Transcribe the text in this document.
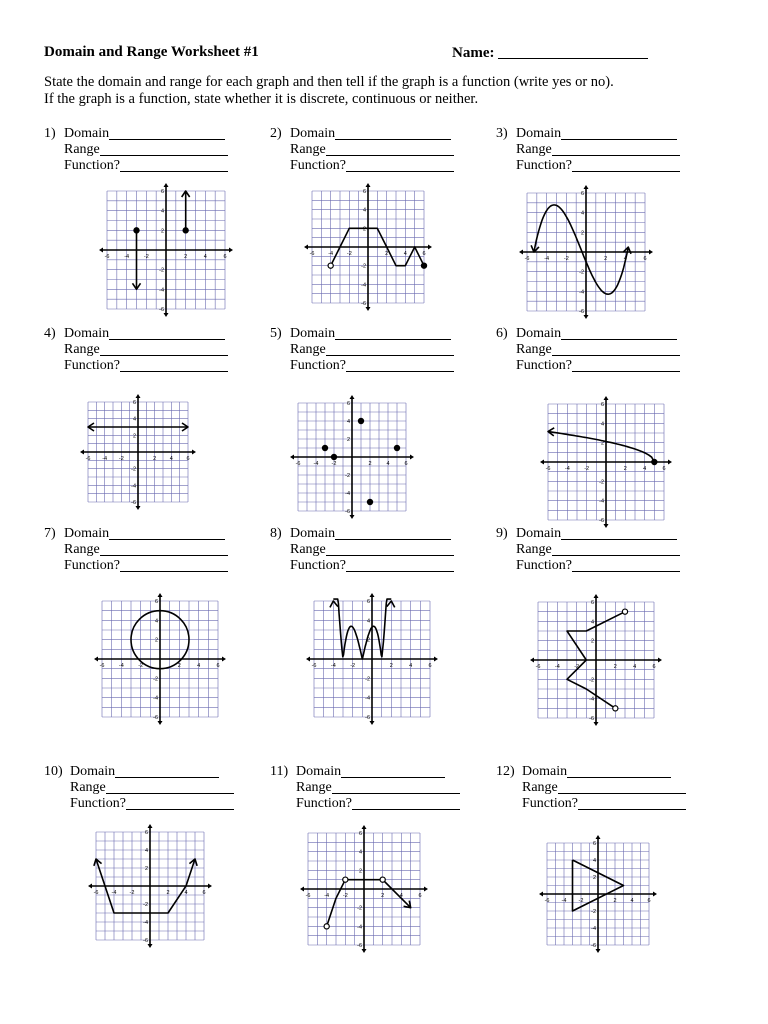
Domain and Range Worksheet #1	Name:
State the domain and range for each graph and then tell if the graph is a function (write yes or no).
If the graph is a function, state whether it is discrete, continuous or neither.
1) Domain
Range
Function?
2) Domain
Range
Function?
3) Domain
Range
Function?
4) Domain
Range
Function?
5) Domain
Range
Function?
6) Domain
Range
Function?
7) Domain
Range
Function?
8) Domain
Range
Function?
9) Domain
Range
Function?
10) Domain
Range
Function?
11) Domain
Range
Function?
12) Domain
Range
Function?
-6
-6
-4
-4
-2
-2
2
2
4
4
6
6
-6
-6
-4
-4
-2
-2
2
2
4
4
6
6
-6
-6
-4
-4
-2
-2
2
2
4
4
6
6
-6
-6
-4
-4
-2
-2
2
2
4
4
6
6
-6
-6
-4
-4
-2
-2
2
2
4
4
6
6
-6
-6
-4
-4
-2
-2
2
2
4
4
6
6
-6
-6
-4
-4
-2
-2
2
2
4
4
6
6
-6
-6
-4
-4
-2
-2
2
2
4
4
6
6
-6
-6
-4
-4
-2
-2
2
2
4
4
6
6
-6
-6
-4
-4
-2
-2
2
2
4
4
6
6
-6
-6
-4
-4
-2
-2
2
2
4
4
6
6
-6
-6
-4
-4
-2
-2
2
2
4
4
6
6
